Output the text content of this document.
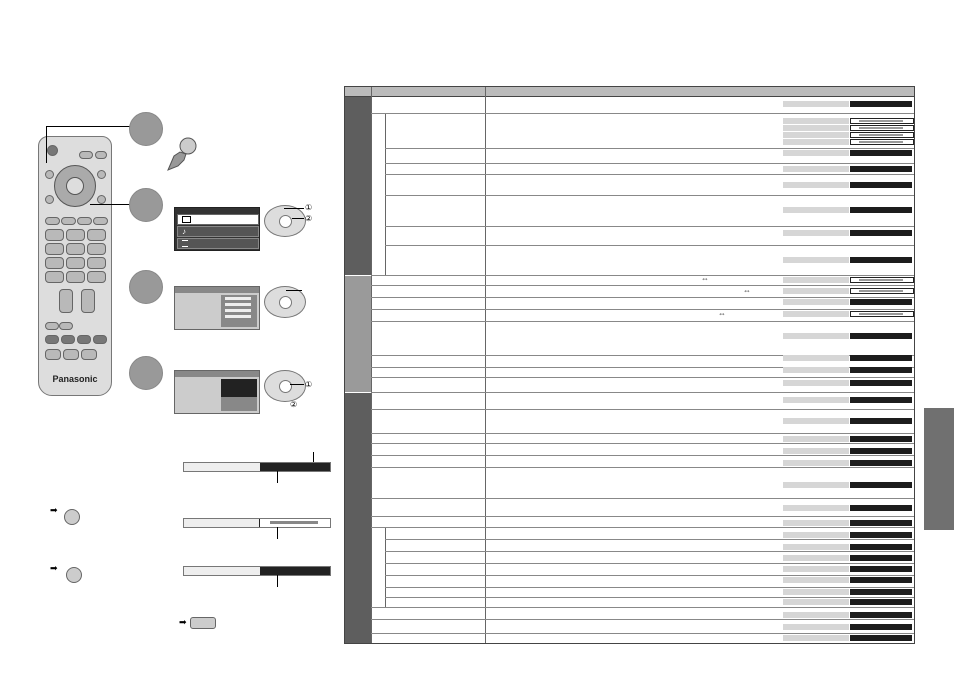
Panasonic
♪
①
②
①
②
➡
➡
➡
⇔
⇔
⇔
